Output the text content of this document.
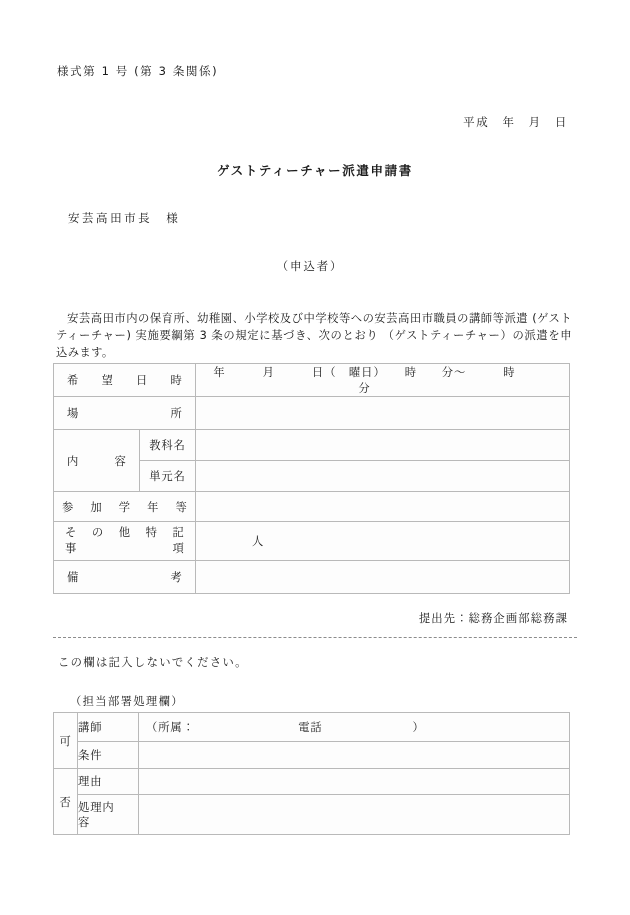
様式第 1 号 (第 3 条関係)
平成　年　月　日
ゲストティーチャー派遣申請書
安芸高田市長　様
（申込者）
安芸高田市内の保育所、幼稚園、小学校及び中学校等への安芸高田市職員の講師等派遣 (ゲストティーチャー) 実施要綱第 3 条の規定に基づき、次のとおり （ゲストティーチャー）の派遣を申込みます。
希望日時		年　　　月　　　日（　曜日）　　時　　分〜　　　時　　分

場所		

内容	教科名	
	単元名	

参加学年等		

その他特記
事項		人

備考		

提出先：総務企画部総務課
この欄は記入しないでください。
（担当部署処理欄）
可	講師	（所属：                       電話                    ）

	条件	
否	理由	
	処理内
容	
